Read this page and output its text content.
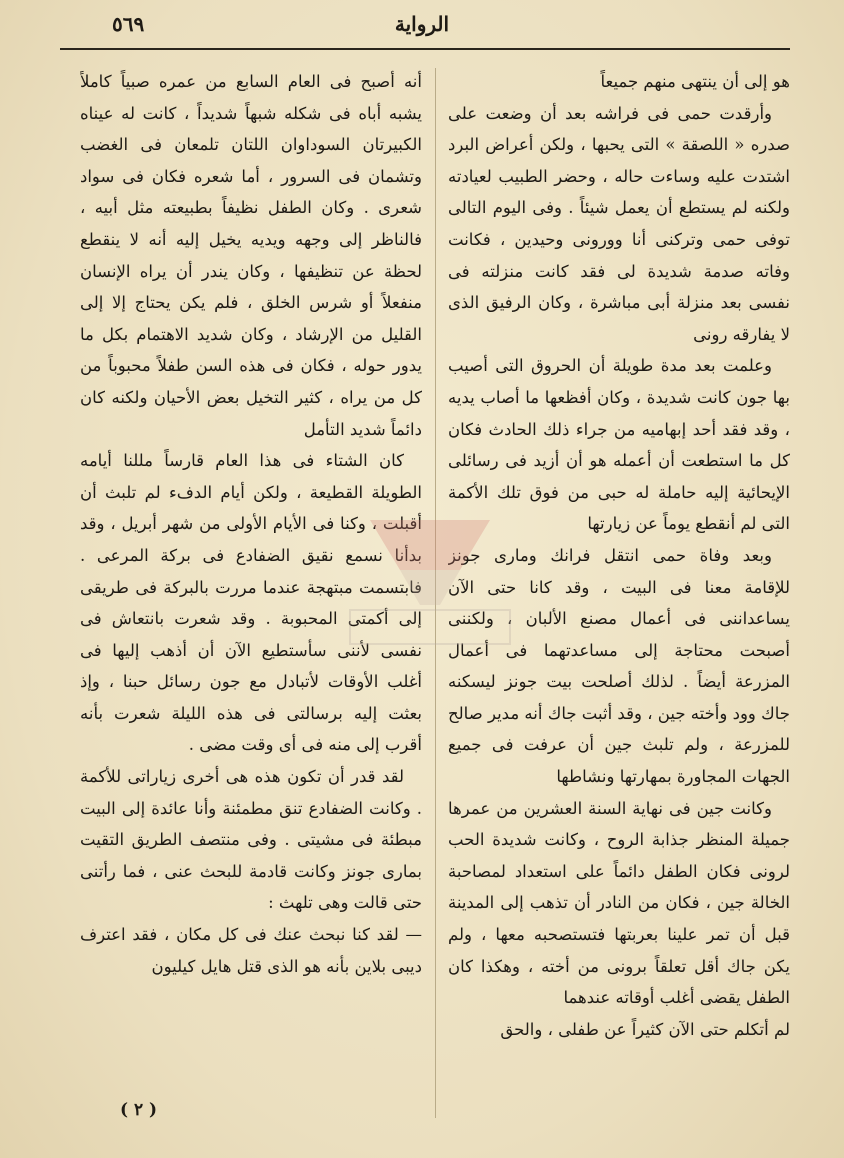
الرواية
٥٦٩

هو إلى أن ينتهى منهم جميعاً

وأرقدت حمى فى فراشه بعد أن وضعت على صدره « اللصقة » التى يحبها ، ولكن أعراض البرد اشتدت عليه وساءت حاله ، وحضر الطبيب لعيادته ولكنه لم يستطع أن يعمل شيئاً . وفى اليوم التالى توفى حمى وتركنى أنا وورونى وحيدين ، فكانت وفاته صدمة شديدة لى فقد كانت منزلته فى نفسى بعد منزلة أبى مباشرة ، وكان الرفيق الذى لا يفارقه رونى

وعلمت بعد مدة طويلة أن الحروق التى أصيب بها جون كانت شديدة ، وكان أفظعها ما أصاب يديه ، وقد فقد أحد إبهاميه من جراء ذلك الحادث فكان كل ما استطعت أن أعمله هو أن أزيد فى رسائلى الإيحائية إليه حاملة له حبى من فوق تلك الأكمة التى لم أنقطع يوماً عن زيارتها

وبعد وفاة حمى انتقل فرانك ومارى جونز للإقامة معنا فى البيت ، وقد كانا حتى الآن يساعداننى فى أعمال مصنع الألبان ، ولكننى أصبحت محتاجة إلى مساعدتهما فى أعمال المزرعة أيضاً . لذلك أصلحت بيت جونز ليسكنه جاك وود وأخته جين ، وقد أثبت جاك أنه مدير صالح للمزرعة ، ولم تلبث جين أن عرفت فى جميع الجهات المجاورة بمهارتها ونشاطها

وكانت جين فى نهاية السنة العشرين من عمرها جميلة المنظر جذابة الروح ، وكانت شديدة الحب لرونى فكان الطفل دائماً على استعداد لمصاحبة الخالة جين ، فكان من النادر أن تذهب إلى المدينة قبل أن تمر علينا بعربتها فتستصحبه معها ، ولم يكن جاك أقل تعلقاً برونى من أخته ، وهكذا كان الطفل يقضى أغلب أوقاته عندهما

لم أتكلم حتى الآن كثيراً عن طفلى ، والحق

أنه أصبح فى العام السابع من عمره صبياً كاملاً يشبه أباه فى شكله شبهاً شديداً ، كانت له عيناه الكبيرتان السوداوان اللتان تلمعان فى الغضب وتشمان فى السرور ، أما شعره فكان فى سواد شعرى . وكان الطفل نظيفاً بطبيعته مثل أبيه ، فالناظر إلى وجهه ويديه يخيل إليه أنه لا ينقطع لحظة عن تنظيفها ، وكان يندر أن يراه الإنسان منفعلاً أو شرس الخلق ، فلم يكن يحتاج إلا إلى القليل من الإرشاد ، وكان شديد الاهتمام بكل ما يدور حوله ، فكان فى هذه السن طفلاً محبوباً من كل من يراه ، كثير التخيل بعض الأحيان ولكنه كان دائماً شديد التأمل

كان الشتاء فى هذا العام قارساً مللنا أيامه الطويلة القطيعة ، ولكن أيام الدفء لم تلبث أن أقبلت ، وكنا فى الأيام الأولى من شهر أبريل ، وقد بدأنا نسمع نقيق الضفادع فى بركة المرعى . فابتسمت مبتهجة عندما مررت بالبركة فى طريقى إلى أكمتى المحبوبة . وقد شعرت بانتعاش فى نفسى لأننى سأستطيع الآن أن أذهب إليها فى أغلب الأوقات لأتبادل مع جون رسائل حبنا ، وإذ بعثت إليه برسالتى فى هذه الليلة شعرت بأنه أقرب إلى منه فى أى وقت مضى .

لقد قدر أن تكون هذه هى أخرى زياراتى للأكمة . وكانت الضفادع تنق مطمئنة وأنا عائدة إلى البيت مبطئة فى مشيتى . وفى منتصف الطريق التقيت بمارى جونز وكانت قادمة للبحث عنى ، فما رأتنى حتى قالت وهى تلهث :

— لقد كنا نبحث عنك فى كل مكان ، فقد اعترف ديبى بلاين بأنه هو الذى قتل هايل كيليون

( ٢ )
